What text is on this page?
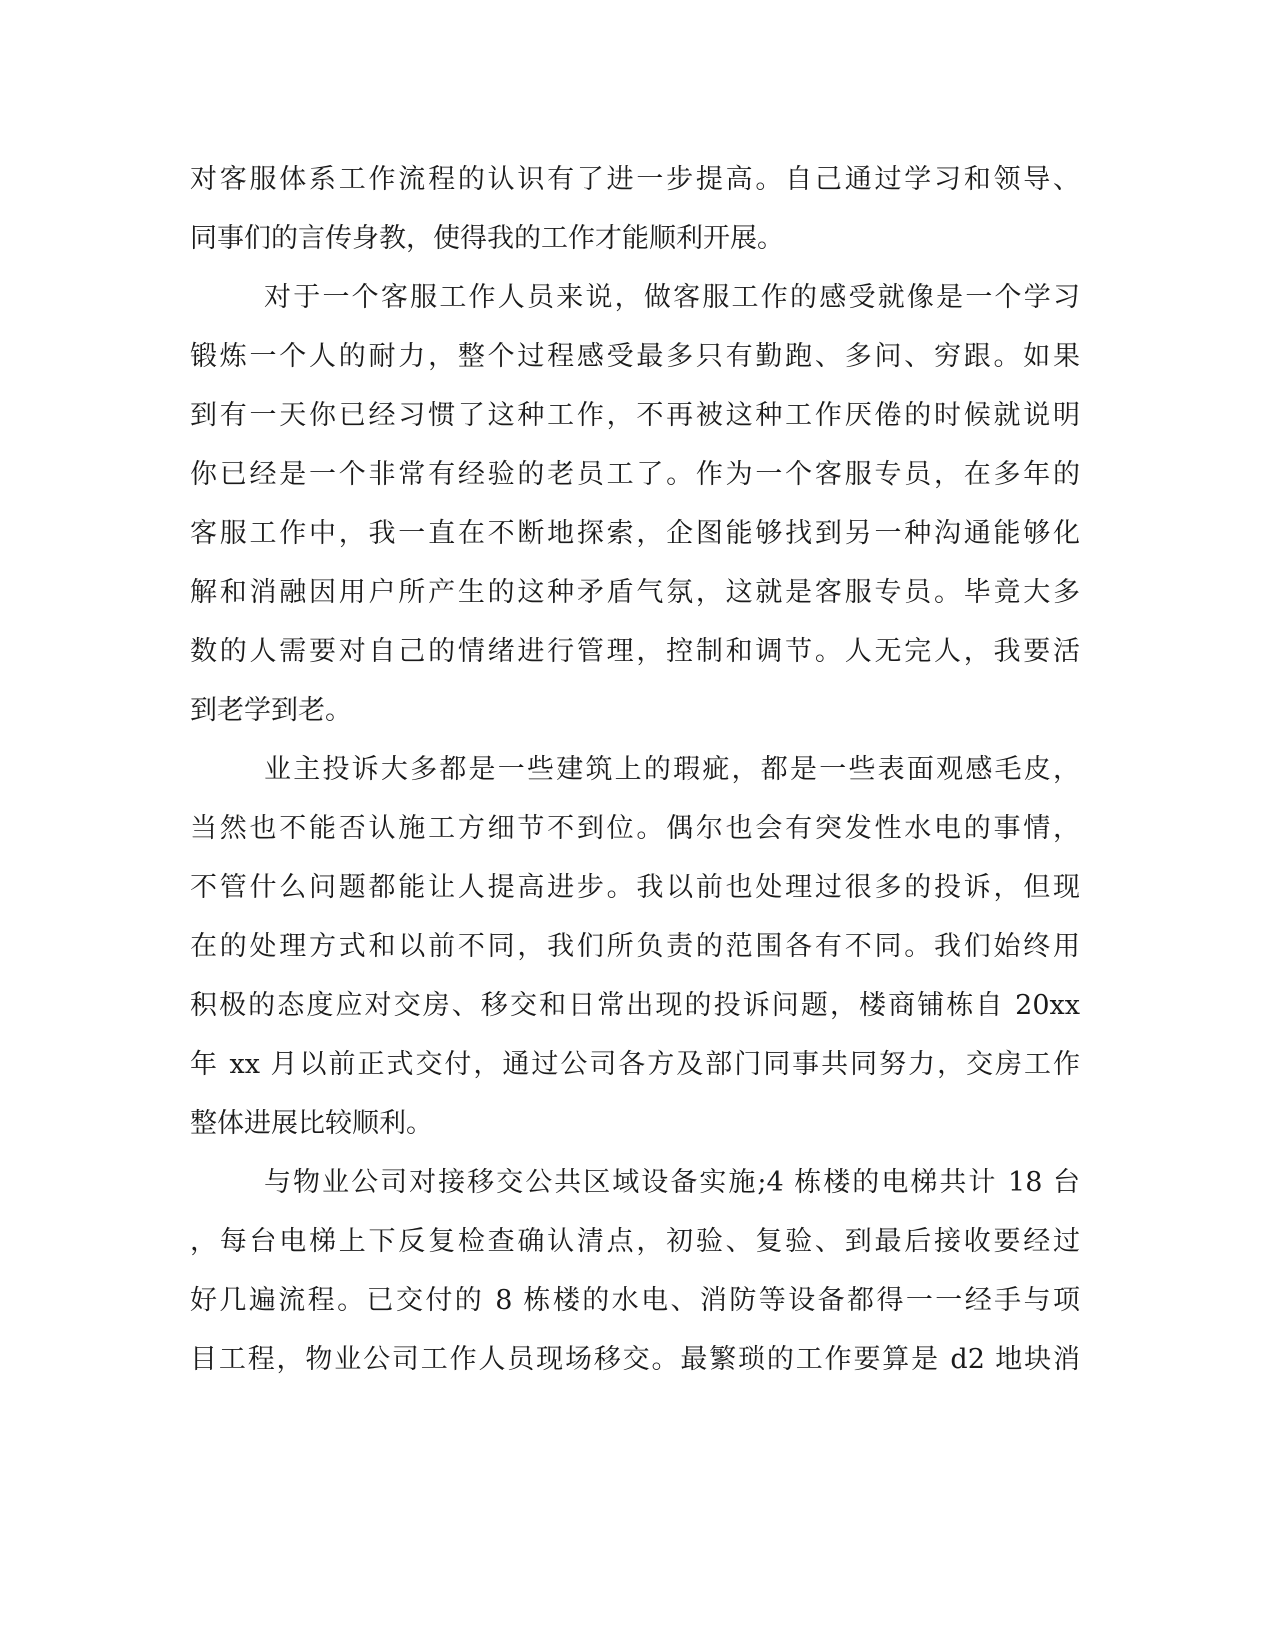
对客服体系工作流程的认识有了进一步提高。自己通过学习和领导、
同事们的言传身教，使得我的工作才能顺利开展。
对于一个客服工作人员来说，做客服工作的感受就像是一个学习
锻炼一个人的耐力，整个过程感受最多只有勤跑、多问、穷跟。如果
到有一天你已经习惯了这种工作，不再被这种工作厌倦的时候就说明
你已经是一个非常有经验的老员工了。作为一个客服专员，在多年的
客服工作中，我一直在不断地探索，企图能够找到另一种沟通能够化
解和消融因用户所产生的这种矛盾气氛，这就是客服专员。毕竟大多
数的人需要对自己的情绪进行管理，控制和调节。人无完人，我要活
到老学到老。
业主投诉大多都是一些建筑上的瑕疵，都是一些表面观感毛皮，
当然也不能否认施工方细节不到位。偶尔也会有突发性水电的事情，
不管什么问题都能让人提高进步。我以前也处理过很多的投诉，但现
在的处理方式和以前不同，我们所负责的范围各有不同。我们始终用
积极的态度应对交房、移交和日常出现的投诉问题，楼商铺栋自 20xx
年 xx 月以前正式交付，通过公司各方及部门同事共同努力，交房工作
整体进展比较顺利。
与物业公司对接移交公共区域设备实施;4 栋楼的电梯共计 18 台
，每台电梯上下反复检查确认清点，初验、复验、到最后接收要经过
好几遍流程。已交付的 8 栋楼的水电、消防等设备都得一一经手与项
目工程，物业公司工作人员现场移交。最繁琐的工作要算是 d2 地块消
